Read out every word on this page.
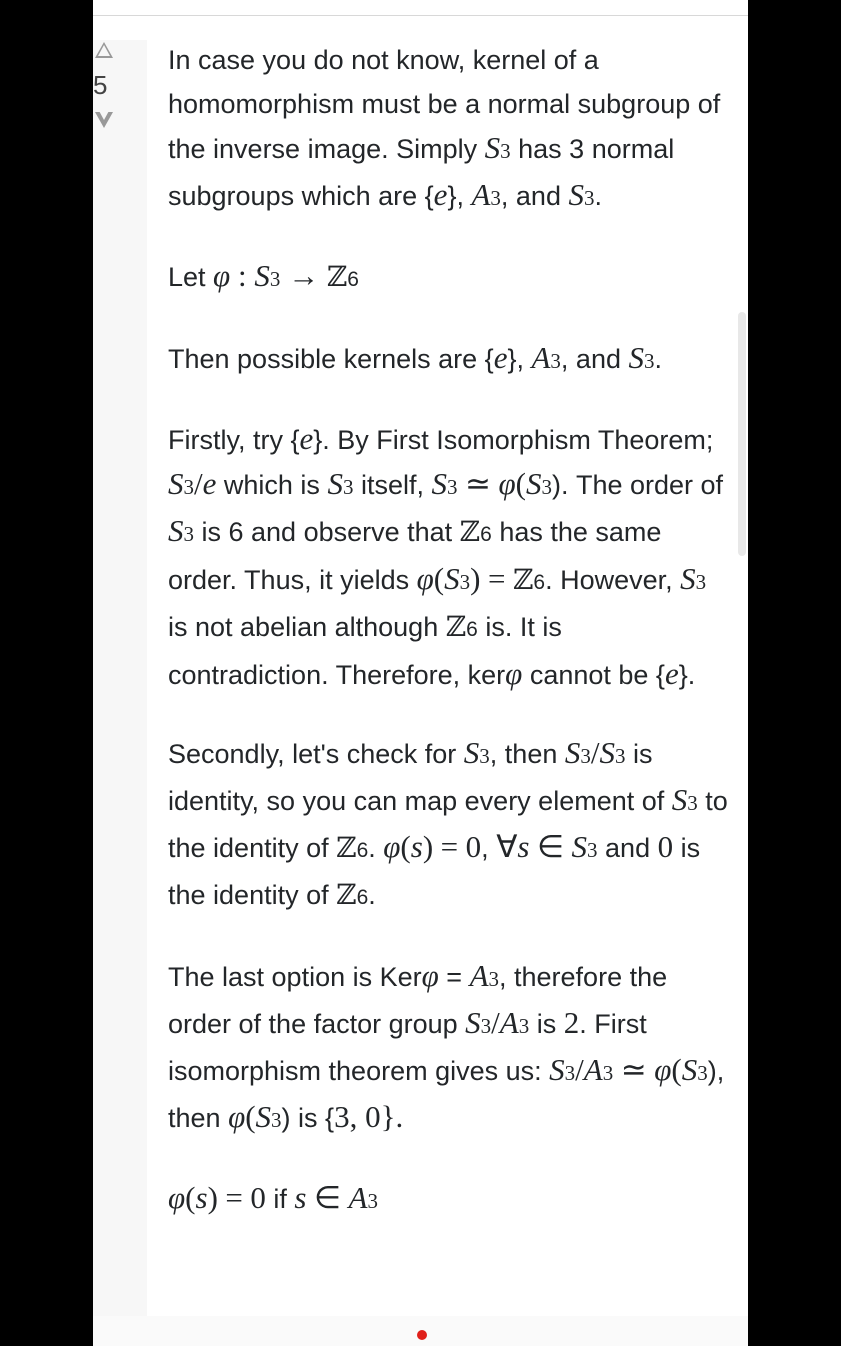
5

In case you do not know, kernel of a homomorphism must be a normal subgroup of the inverse image. Simply S3 has 3 normal subgroups which are {e}, A3, and S3.

Let φ : S3 → ℤ6

Then possible kernels are {e}, A3, and S3.

Firstly, try {e}. By First Isomorphism Theorem; S3/e which is S3 itself, S3 ≃ φ(S3). The order of S3 is 6 and observe that ℤ6 has the same order. Thus, it yields φ(S3) = ℤ6. However, S3 is not abelian although ℤ6 is. It is contradiction. Therefore, kerφ cannot be {e}.

Secondly, let's check for S3, then S3/S3 is identity, so you can map every element of S3 to the identity of ℤ6. φ(s) = 0, ∀s ∈ S3 and 0 is the identity of ℤ6.

The last option is Kerφ = A3, therefore the order of the factor group S3/A3 is 2. First isomorphism theorem gives us: S3/A3 ≃ φ(S3), then φ(S3) is {3, 0}.

φ(s) = 0 if s ∈ A3
